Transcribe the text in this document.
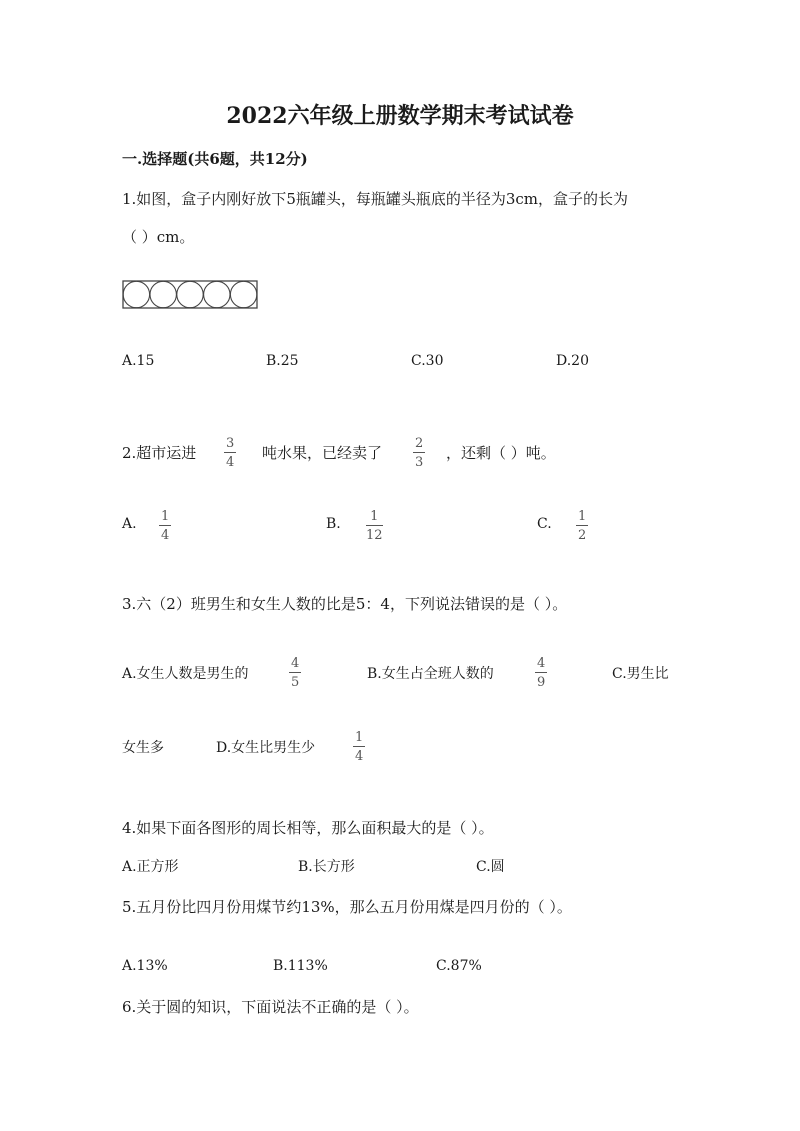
2022六年级上册数学期末考试试卷
一.选择题(共6题，共12分)
1.如图，盒子内刚好放下5瓶罐头，每瓶罐头瓶底的半径为3cm，盒子的长为
（ ）cm。
A.15	B.25	C.30	D.20
2.超市运进
3
4
吨水果，已经卖了
2
3
，还剩（ ）吨。
A. 1
4
B. 1
12
C. 1
2
3.六（2）班男生和女生人数的比是5：4，下列说法错误的是（ ）。
A.女生人数是男生的
4
5
B.女生占全班人数的
4
9
C.男生比
女生多	D.女生比男生少
1
4
4.如果下面各图形的周长相等，那么面积最大的是（ ）。
A.正方形	B.长方形	C.圆
5.五月份比四月份用煤节约13%，那么五月份用煤是四月份的（ ）。
A.13%	B.113%	C.87%
6.关于圆的知识，下面说法不正确的是（ ）。
